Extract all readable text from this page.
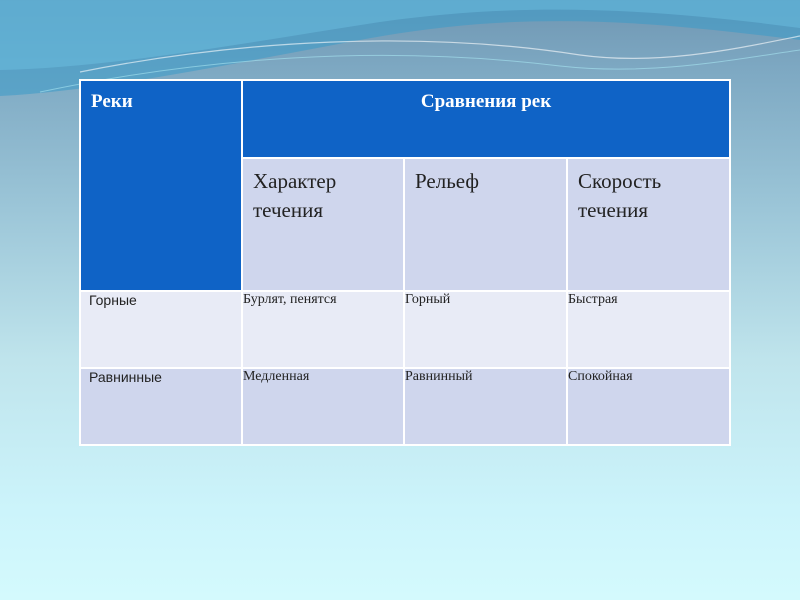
Реки	Сравнения рек		
	Характер течения	Рельеф	Скорость течения
Горные	Бурлят, пенятся	Горный	Быстрая
Равнинные	Медленная	Равнинный	Спокойная
